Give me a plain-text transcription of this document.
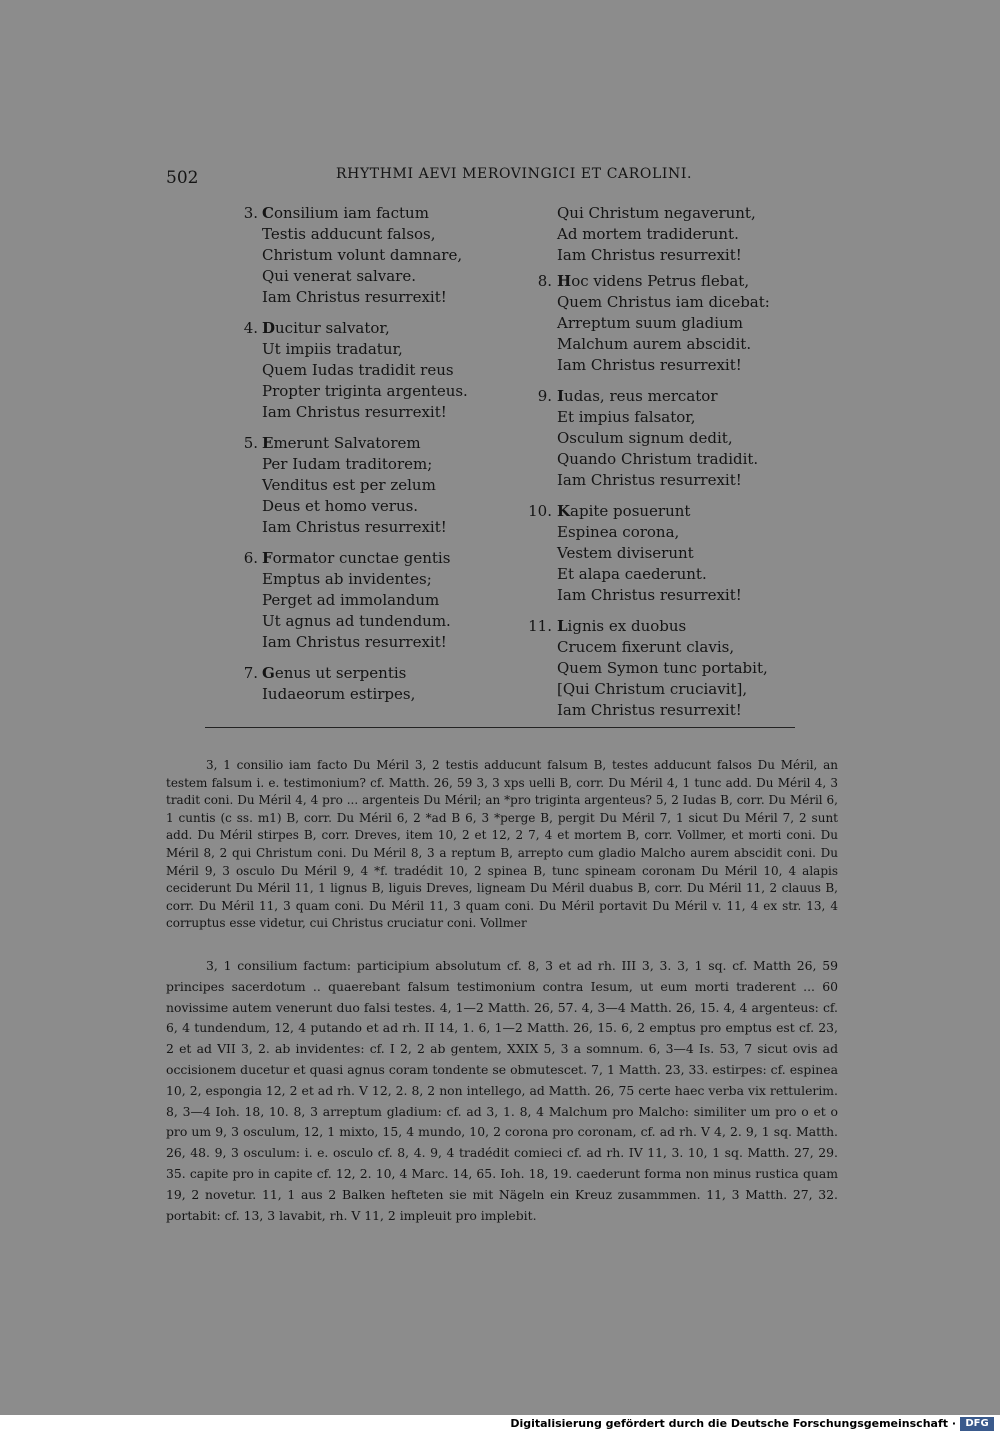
502	RHYTHMI AEVI MEROVINGICI ET CAROLINI.
3. Consilium iam factum
Testis adducunt falsos,
Christum volunt damnare,
Qui venerat salvare.
Iam Christus resurrexit!
4. Ducitur salvator,
Ut impiis tradatur,
Quem Iudas tradidit reus
Propter triginta argenteus.
Iam Christus resurrexit!
5. Emerunt Salvatorem
Per Iudam traditorem;
Venditus est per zelum
Deus et homo verus.
Iam Christus resurrexit!
6. Formator cunctae gentis
Emptus ab invidentes;
Perget ad immolandum
Ut agnus ad tundendum.
Iam Christus resurrexit!
7. Genus ut serpentis
Iudaeorum estirpes,
Qui Christum negaverunt,
Ad mortem tradiderunt.
Iam Christus resurrexit!
8. Hoc videns Petrus flebat,
Quem Christus iam dicebat:
Arreptum suum gladium
Malchum aurem abscidit.
Iam Christus resurrexit!
9. Iudas, reus mercator
Et impius falsator,
Osculum signum dedit,
Quando Christum tradidit.
Iam Christus resurrexit!
10. Kapite posuerunt
Espinea corona,
Vestem diviserunt
Et alapa caederunt.
Iam Christus resurrexit!
11. Lignis ex duobus
Crucem fixerunt clavis,
Quem Symon tunc portabit,
[Qui Christum cruciavit],
Iam Christus resurrexit!

3, 1 consilio iam facto Du Méril 3, 2 testis adducunt falsum B, testes adducunt falsos Du Méril, an testem falsum i. e. testimonium? cf. Matth. 26, 59 3, 3 xps uelli B, corr. Du Méril 4, 1 tunc add. Du Méril 4, 3 tradit coni. Du Méril 4, 4 pro ... argenteis Du Méril; an *pro triginta argenteus? 5, 2 Iudas B, corr. Du Méril 6, 1 cuntis (c ss. m1) B, corr. Du Méril 6, 2 *ad B 6, 3 *perge B, pergit Du Méril 7, 1 sicut Du Méril 7, 2 sunt add. Du Méril stirpes B, corr. Dreves, item 10, 2 et 12, 2 7, 4 et mortem B, corr. Vollmer, et morti coni. Du Méril 8, 2 qui Christum coni. Du Méril 8, 3 a reptum B, arrepto cum gladio Malcho aurem abscidit coni. Du Méril 9, 3 osculo Du Méril 9, 4 *f. tradédit 10, 2 spinea B, tunc spineam coronam Du Méril 10, 4 alapis ceciderunt Du Méril 11, 1 lignus B, liguis Dreves, ligneam Du Méril duabus B, corr. Du Méril 11, 2 clauus B, corr. Du Méril 11, 3 quam coni. Du Méril 11, 3 quam coni. Du Méril portavit Du Méril v. 11, 4 ex str. 13, 4 corruptus esse videtur, cui Christus cruciatur coni. Vollmer

3, 1 consilium factum: participium absolutum cf. 8, 3 et ad rh. III 3, 3. 3, 1 sq. cf. Matth 26, 59 principes sacerdotum .. quaerebant falsum testimonium contra Iesum, ut eum morti traderent ... 60 novissime autem venerunt duo falsi testes. 4, 1—2 Matth. 26, 57. 4, 3—4 Matth. 26, 15. 4, 4 argenteus: cf. 6, 4 tundendum, 12, 4 putando et ad rh. II 14, 1. 6, 1—2 Matth. 26, 15. 6, 2 emptus pro emptus est cf. 23, 2 et ad VII 3, 2. ab invidentes: cf. I 2, 2 ab gentem, XXIX 5, 3 a somnum. 6, 3—4 Is. 53, 7 sicut ovis ad occisionem ducetur et quasi agnus coram tondente se obmutescet. 7, 1 Matth. 23, 33. estirpes: cf. espinea 10, 2, espongia 12, 2 et ad rh. V 12, 2. 8, 2 non intellego, ad Matth. 26, 75 certe haec verba vix rettulerim. 8, 3—4 Ioh. 18, 10. 8, 3 arreptum gladium: cf. ad 3, 1. 8, 4 Malchum pro Malcho: similiter um pro o et o pro um 9, 3 osculum, 12, 1 mixto, 15, 4 mundo, 10, 2 corona pro coronam, cf. ad rh. V 4, 2. 9, 1 sq. Matth. 26, 48. 9, 3 osculum: i. e. osculo cf. 8, 4. 9, 4 tradédit comieci cf. ad rh. IV 11, 3. 10, 1 sq. Matth. 27, 29. 35. capite pro in capite cf. 12, 2. 10, 4 Marc. 14, 65. Ioh. 18, 19. caederunt forma non minus rustica quam 19, 2 novetur. 11, 1 aus 2 Balken hefteten sie mit Nägeln ein Kreuz zusammmen. 11, 3 Matth. 27, 32. portabit: cf. 13, 3 lavabit, rh. V 11, 2 impleuit pro implebit.

Digitalisierung gefördert durch die Deutsche Forschungsgemeinschaft · DFG
